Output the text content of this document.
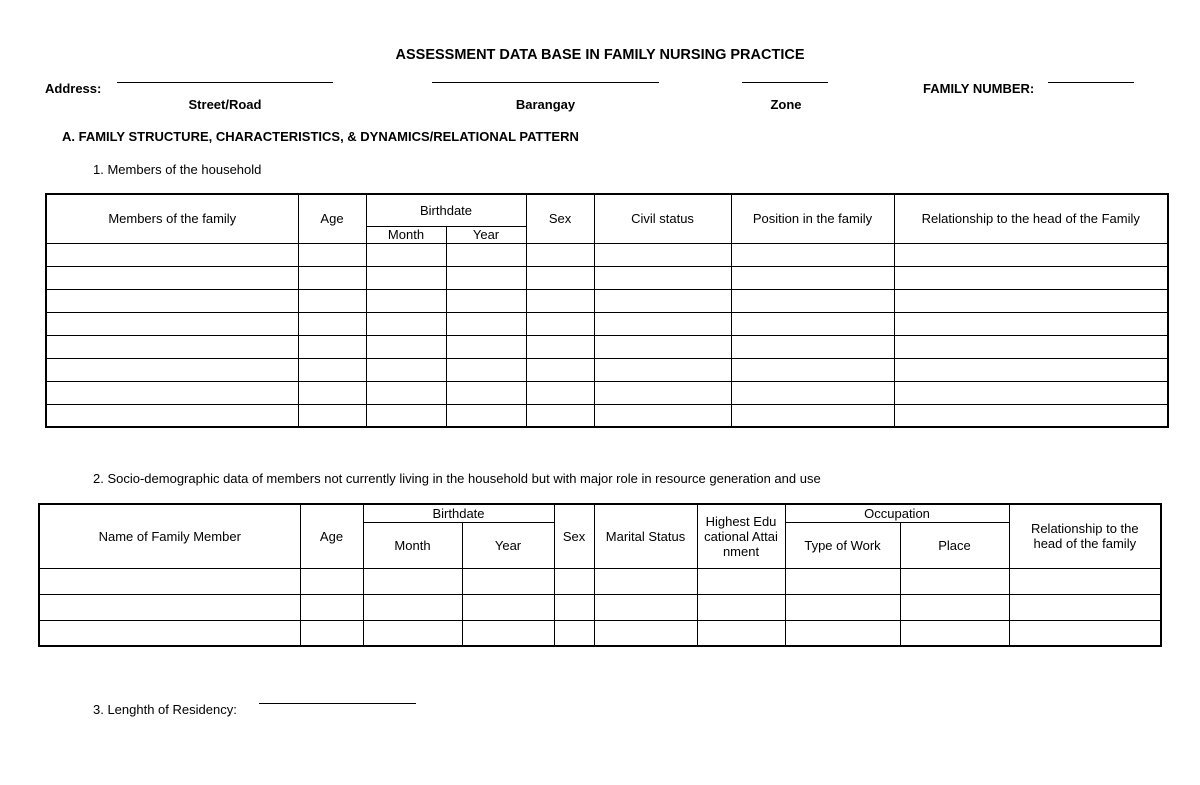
ASSESSMENT DATA BASE IN FAMILY NURSING PRACTICE
Address:	FAMILY NUMBER:
Street/Road	Barangay	Zone
A. FAMILY STRUCTURE, CHARACTERISTICS, & DYNAMICS/RELATIONAL PATTERN
1. Members of the household
Members of the family	Age	Birthdate		Sex	Civil status	Position in the family	Relationship to the head of the Family
		Month	Year				

2. Socio-demographic data of members not currently living in the household but with major role in resource generation and use
Name of Family Member	Age	Birthdate		Sex	Marital Status	Highest Educational Attainment	Occupation		Relationship to the head of the family
		Month	Year				Type of Work	Place	

3. Lenghth of Residency:
